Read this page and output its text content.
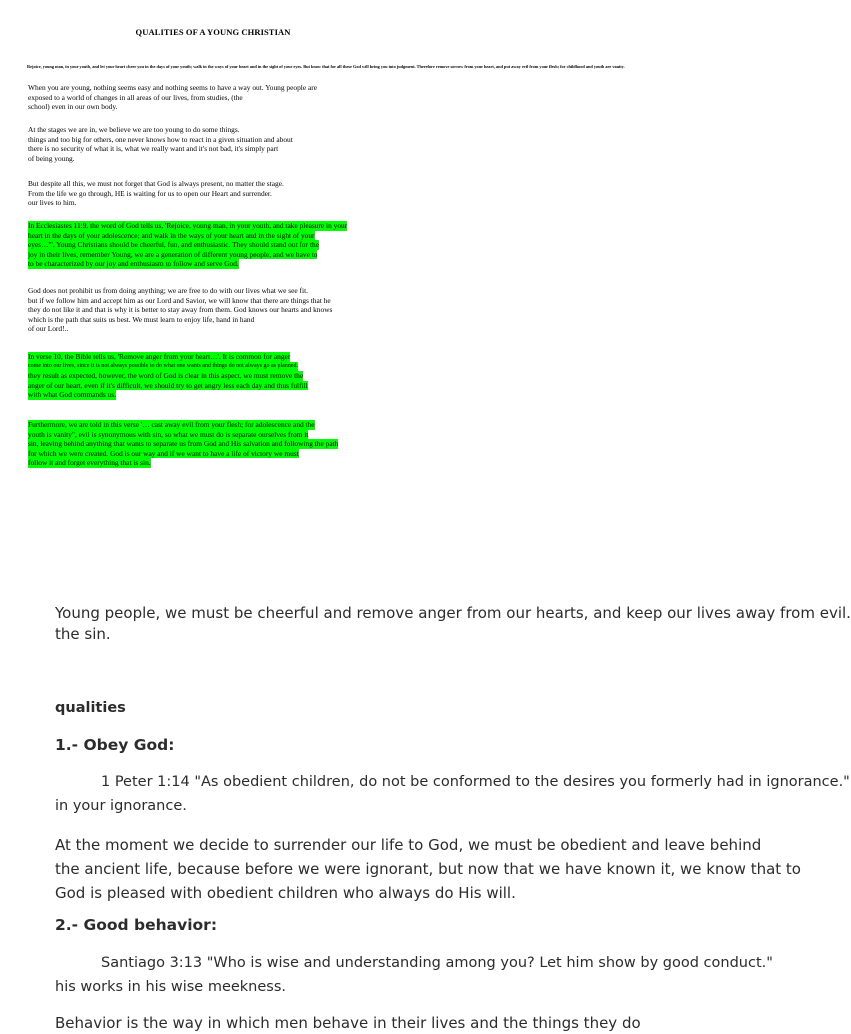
QUALITIES OF A YOUNG CHRISTIAN
Rejoice, young man, in your youth, and let your heart cheer you in the days of your youth; walk in the ways of your heart and in the sight of your eyes. But know that for all these God will bring you into judgment. Therefore remove sorrow from your heart, and put away evil from your flesh; for childhood and youth are vanity.
When you are young, nothing seems easy and nothing seems to have a way out. Young people are
exposed to a world of changes in all areas of our lives, from studies, (the
school) even in our own body.
At the stages we are in, we believe we are too young to do some things.
things and too big for others, one never knows how to react in a given situation and about
there is no security of what it is, what we really want and it's not bad, it's simply part
of being young.
But despite all this, we must not forget that God is always present, no matter the stage.
From the life we go through, HE is waiting for us to open our Heart and surrender.
our lives to him.
In Ecclesiastes 11:9, the word of God tells us, 'Rejoice, young man, in your youth, and take pleasure in your
heart in the days of your adolescence; and walk in the ways of your heart and in the sight of your
eyes…'". Young Christians should be cheerful, fun, and enthusiastic. They should stand out for the
joy in their lives, remember Young, we are a generation of different young people, and we have to
to be characterized by our joy and enthusiasm to follow and serve God.
God does not prohibit us from doing anything; we are free to do with our lives what we see fit.
but if we follow him and accept him as our Lord and Savior, we will know that there are things that he
they do not like it and that is why it is better to stay away from them. God knows our hearts and knows
which is the path that suits us best. We must learn to enjoy life, hand in hand
of our Lord!..
In verse 10, the Bible tells us, 'Remove anger from your heart…'. It is common for anger
come into our lives, since it is not always possible to do what one wants and things do not always go as planned.
they result as expected, however, the word of God is clear in this aspect, we must remove the
anger of our heart, even if it's difficult, we should try to get angry less each day and thus fulfill
with what God commands us.
Furthermore, we are told in this verse '… cast away evil from your flesh; for adolescence and the
youth is vanity", evil is synonymous with sin, so what we must do is separate ourselves from it
sin, leaving behind anything that wants to separate us from God and His salvation and following the path
for which we were created. God is our way and if we want to have a life of victory we must
follow it and forget everything that is sin.
Young people, we must be cheerful and remove anger from our hearts, and keep our lives away from evil.
the sin.
qualities
1.- Obey God:
1 Peter 1:14 "As obedient children, do not be conformed to the desires you formerly had in ignorance."
in your ignorance.
At the moment we decide to surrender our life to God, we must be obedient and leave behind
the ancient life, because before we were ignorant, but now that we have known it, we know that to
God is pleased with obedient children who always do His will.
2.- Good behavior:
Santiago 3:13 "Who is wise and understanding among you? Let him show by good conduct."
his works in his wise meekness.
Behavior is the way in which men behave in their lives and the things they do
